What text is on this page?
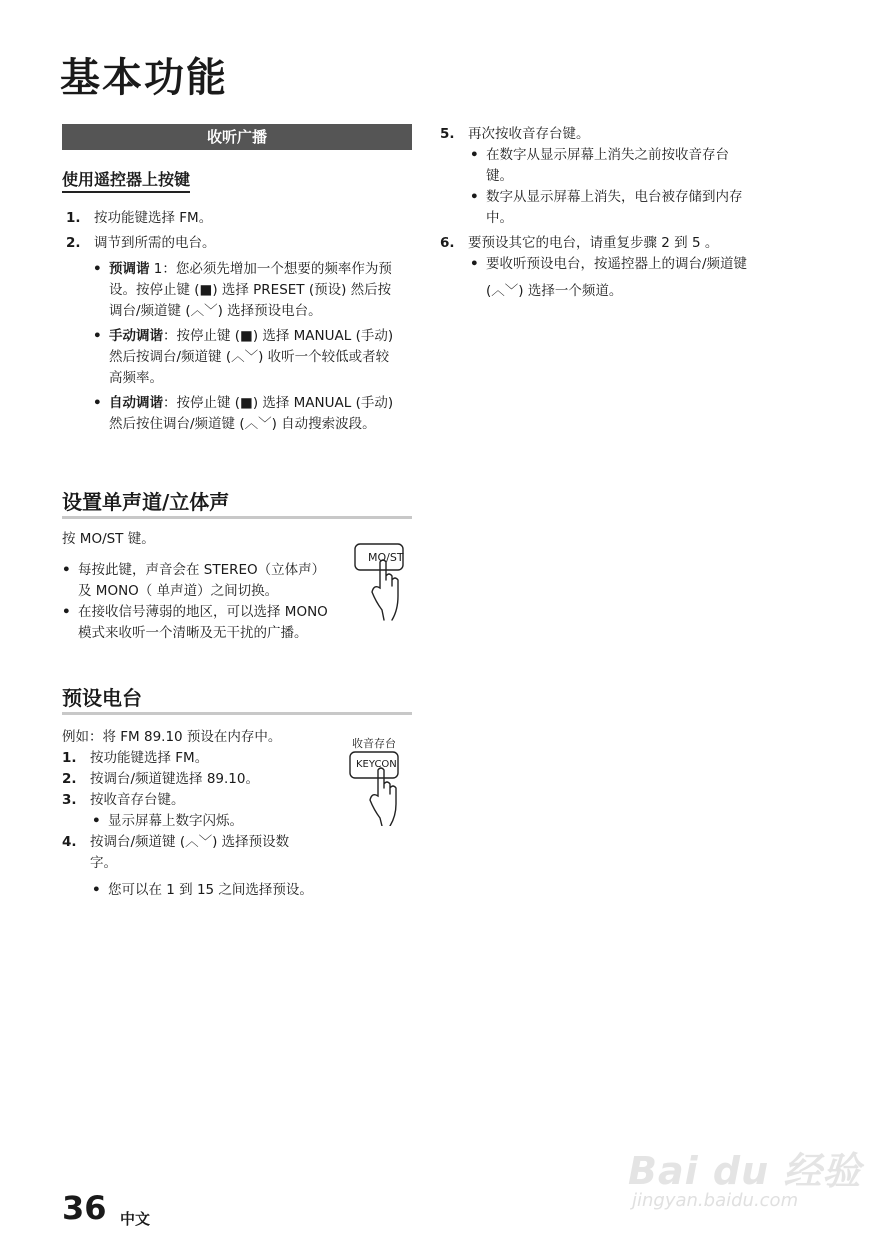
基本功能
收听广播
使用遥控器上按键
1. 按功能键选择 FM。
2. 调节到所需的电台。
• 预调谐 1：您必须先增加一个想要的频率作为预
设。按停止键 (■) 选择 PRESET (预设) 然后按
调台/频道键 (︿﹀) 选择预设电台。
• 手动调谐：按停止键 (■) 选择 MANUAL (手动)
然后按调台/频道键 (︿﹀) 收听一个较低或者较
高频率。
• 自动调谐：按停止键 (■) 选择 MANUAL (手动)
然后按住调台/频道键 (︿﹀) 自动搜索波段。
设置单声道/立体声
按 MO/ST 键。
• 每按此键，声音会在 STEREO（立体声）
及 MONO（ 单声道）之间切换。
• 在接收信号薄弱的地区，可以选择 MONO
模式来收听一个清晰及无干扰的广播。
MO/ST
预设电台
例如：将 FM 89.10 预设在内存中。
1. 按功能键选择 FM。
2. 按调台/频道键选择 89.10。
3. 按收音存台键。
• 显示屏幕上数字闪烁。
4. 按调台/频道键 (︿﹀) 选择预设数
字。
• 您可以在 1 到 15 之间选择预设。
收音存台
KEYCON
5. 再次按收音存台键。
• 在数字从显示屏幕上消失之前按收音存台
键。
• 数字从显示屏幕上消失，电台被存储到内存
中。
6. 要预设其它的电台，请重复步骤 2 到 5 。
• 要收听预设电台，按遥控器上的调台/频道键
(︿﹀) 选择一个频道。
Bai du 经验
jingyan.baidu.com
36 中文
